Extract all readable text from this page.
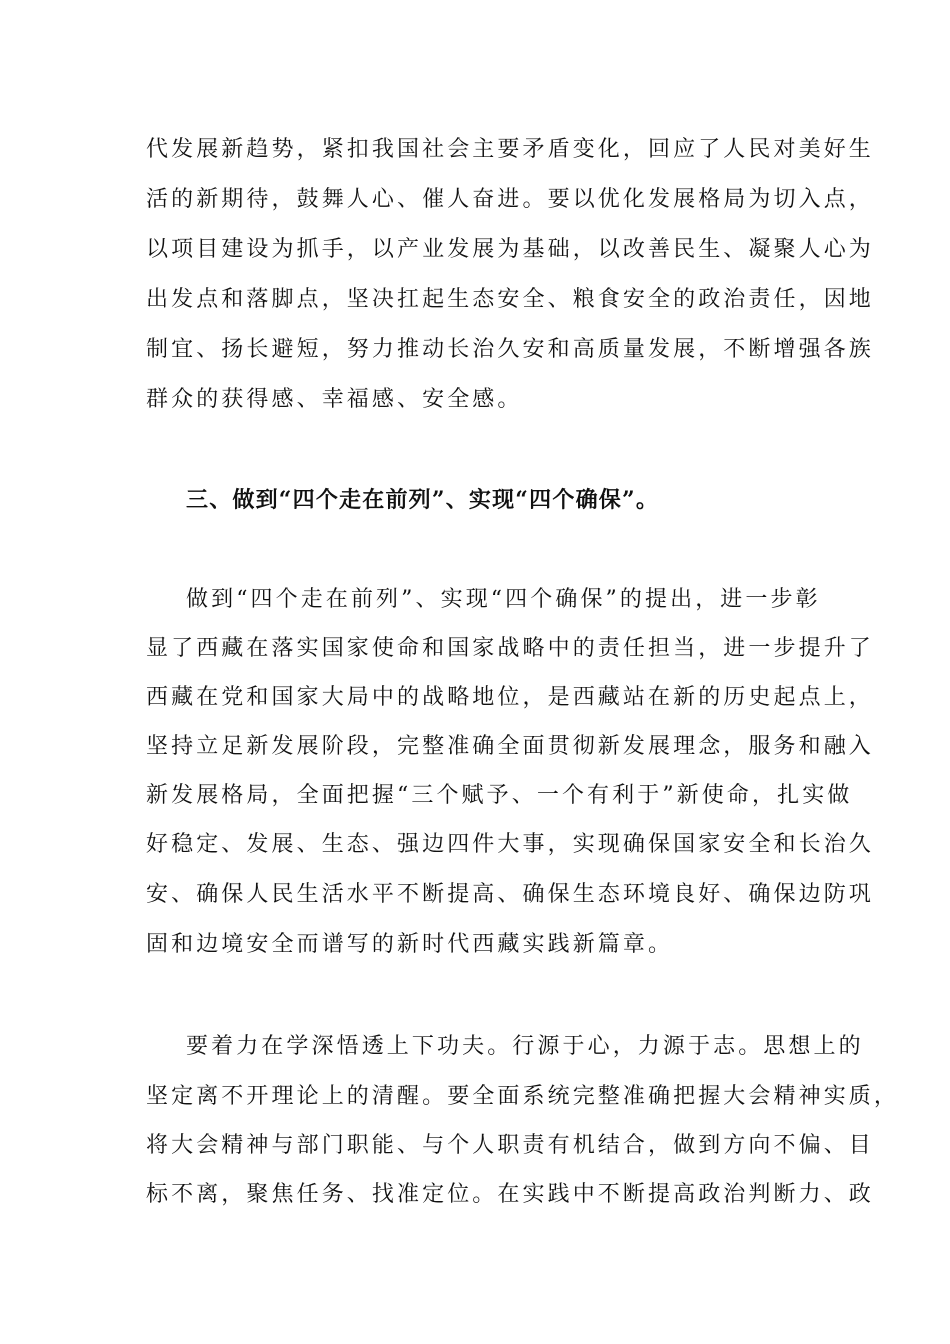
代发展新趋势，紧扣我国社会主要矛盾变化，回应了人民对美好生
活的新期待，鼓舞人心、催人奋进。要以优化发展格局为切入点，
以项目建设为抓手，以产业发展为基础，以改善民生、凝聚人心为
出发点和落脚点，坚决扛起生态安全、粮食安全的政治责任，因地
制宜、扬长避短，努力推动长治久安和高质量发展，不断增强各族
群众的获得感、幸福感、安全感。
三、做到“四个走在前列”、实现“四个确保”。
做到“四个走在前列”、实现“四个确保”的提出，进一步彰
显了西藏在落实国家使命和国家战略中的责任担当，进一步提升了
西藏在党和国家大局中的战略地位，是西藏站在新的历史起点上，
坚持立足新发展阶段，完整准确全面贯彻新发展理念，服务和融入
新发展格局，全面把握“三个赋予、一个有利于”新使命，扎实做
好稳定、发展、生态、强边四件大事，实现确保国家安全和长治久
安、确保人民生活水平不断提高、确保生态环境良好、确保边防巩
固和边境安全而谱写的新时代西藏实践新篇章。
要着力在学深悟透上下功夫。行源于心，力源于志。思想上的
坚定离不开理论上的清醒。要全面系统完整准确把握大会精神实质，
将大会精神与部门职能、与个人职责有机结合，做到方向不偏、目
标不离，聚焦任务、找准定位。在实践中不断提高政治判断力、政
